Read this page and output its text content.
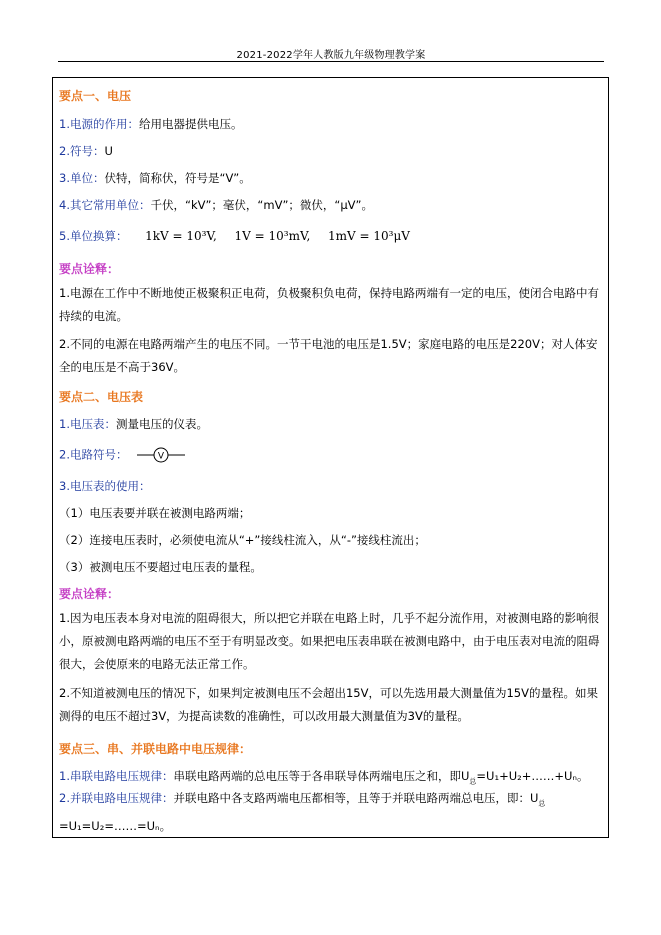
2021-2022学年人教版九年级物理教学案
要点一、电压
1.电源的作用：给用电器提供电压。
2.符号：U
3.单位：伏特，简称伏，符号是“V”。
4.其它常用单位：千伏，“kV”；毫伏，“mV”；微伏，“μV”。
5.单位换算： 1kV = 10³V, 1V = 10³mV, 1mV = 10³μV
要点诠释：
1.电源在工作中不断地使正极聚积正电荷，负极聚积负电荷，保持电路两端有一定的电压，使闭合电路中有持续的电流。
2.不同的电源在电路两端产生的电压不同。一节干电池的电压是1.5V；家庭电路的电压是220V；对人体安全的电压是不高于36V。
要点二、电压表
1.电压表：测量电压的仪表。
2.电路符号：	V
3.电压表的使用：
（1）电压表要并联在被测电路两端；
（2）连接电压表时，必须使电流从“+”接线柱流入，从“-”接线柱流出；
（3）被测电压不要超过电压表的量程。
要点诠释：
1.因为电压表本身对电流的阻碍很大，所以把它并联在电路上时，几乎不起分流作用，对被测电路的影响很小，原被测电路两端的电压不至于有明显改变。如果把电压表串联在被测电路中，由于电压表对电流的阻碍很大，会使原来的电路无法正常工作。
2.不知道被测电压的情况下，如果判定被测电压不会超出15V，可以先选用最大测量值为15V的量程。如果测得的电压不超过3V，为提高读数的准确性，可以改用最大测量值为3V的量程。
要点三、串、并联电路中电压规律：
1.串联电路电压规律：串联电路两端的总电压等于各串联导体两端电压之和，即$U_总=U_1+U_2+\dots\dots+U_n$。
2.并联电路电压规律：并联电路中各支路两端电压都相等，且等于并联电路两端总电压，即：$U_总=U_1=U_2=\dots\dots=U_n$。
